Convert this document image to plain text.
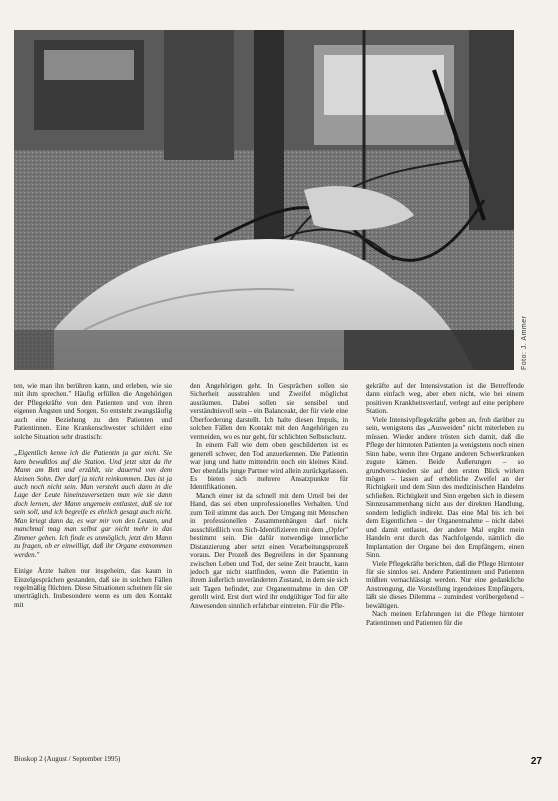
Foto: J. Ammer

ten, wie man ihn berühren kann, und erleben, wie sie mit ihm sprechen." Häufig erfüllen die Angehörigen der Pflegekräfte von den Patienten und von ihren eigenen Ängsten und Sorgen. So entsteht zwangsläufig auch eine Beziehung zu den Patienten und Patientinnen. Eine Krankenschwester schildert eine solche Situation sehr drastisch:

„Eigentlich kenne ich die Patientin ja gar nicht. Sie kam bewußtlos auf die Station. Und jetzt sitzt da ihr Mann am Bett und erzählt, sie dauernd von dem kleinen Sohn. Der darf ja nicht reinkommen. Das ist ja auch noch nicht sein. Man versteht auch dann in die Lage der Leute hineinzuversetzen man wie sie dann doch lernen, der Mann ungemein entlastet, daß sie tot sein soll, und ich begreife es ehrlich gesagt auch nicht. Man kriegt dann da, es war mir von den Leuten, und manchmal mag man selbst gar nicht mehr in das Zimmer gehen. Ich finde es unmöglich, jetzt den Mann zu fragen, ob er einwilligt, daß ihr Organe entnommen werden."

Einige Ärzte halten nur insgeheim, das kaum in Einzelgesprächen gestanden, daß sie in solchen Fällen regelmäßig flüchten. Diese Situationen scheinen für sie unerträglich. Insbesondere wenn es um den Kontakt mit

den Angehörigen geht. In Gesprächen sollen sie Sicherheit ausstrahlen und Zweifel möglichst ausräumen. Dabei sollen sie sensibel und verständnisvoll sein – ein Balanceakt, der für viele eine Überforderung darstellt. Ich halte diesen Impuls, in solchen Fällen den Kontakt mit den Angehörigen zu vermeiden, wo es nur geht, für schlichten Selbstschutz.

In einem Fall wie dem oben geschilderten ist es generell schwer, den Tod anzuerkennen. Die Patientin war jung und hatte mittendrin noch ein kleines Kind. Der ebenfalls junge Partner wird allein zurückgelassen. Es bieten sich mehrere Ansatzpunkte für Identifikationen.

Manch einer ist da schnell mit dem Urteil bei der Hand, das sei eben unprofessionelles Verhalten. Und zum Teil stimmt das auch. Der Umgang mit Menschen in professionellen Zusammenhängen darf nicht ausschließlich von Sich-Identifizieren mit dem „Opfer" bestimmt sein. Die dafür notwendige innerliche Distanzierung aber setzt einen Verarbeitungsprozeß voraus. Der Prozeß des Begreifens in der Spannung zwischen Leben und Tod, der seine Zeit braucht, kann jedoch gar nicht stattfinden, wenn die Patientin in ihrem äußerlich unveränderten Zustand, in dem sie sich seit Tagen befindet, zur Organentnahme in den OP gerollt wird. Erst dort wird ihr endgültiger Tod für alle Anwesenden sinnlich erfahrbar eintreten. Für die Pfle-

gekräfte auf der Intensivstation ist die Betreffende dann einfach weg, aber eben nicht, wie bei einem positiven Krankheitsverlauf, verlegt auf eine periphere Station.

Viele Intensivpflegekräfte geben an, froh darüber zu sein, wenigstens das „Ausweiden" nicht miterleben zu müssen. Wieder andere trösten sich damit, daß die Pflege der hirntoten Patienten ja wenigstens noch einen Sinn habe, wenn ihre Organe anderen Schwerkranken zugute kämen. Beide Äußerungen – so grundverschieden sie auf den ersten Blick wirken mögen – lassen auf erhebliche Zweifel an der Richtigkeit und dem Sinn des medizinischen Handelns schließen. Richtigkeit und Sinn ergeben sich in diesem Sinnzusammenhang nicht aus der direkten Handlung, sondern lediglich indirekt. Das eine Mal bis ich bei dem Eigentlichen – der Organentnahme – nicht dabei und damit entlastet, der andere Mal ergibt mein Handeln erst durch das Nachfolgende, nämlich die Implantation der Organe bei den Empfängern, einen Sinn.

Viele Pflegekräfte berichten, daß die Pflege Hirntoter für sie sinnlos sei. Andere Patientinnen und Patienten müßten vernachlässigt werden. Nur eine gedankliche Anstrengung, die Vorstellung irgendeines Empfängers, läßt sie dieses Dilemma – zumindest vorübergehend – bewältigen.

Nach meinen Erfahrungen ist die Pflege hirntoter Patientinnen und Patienten für die

Bioskop 2 (August / September 1995)	27
